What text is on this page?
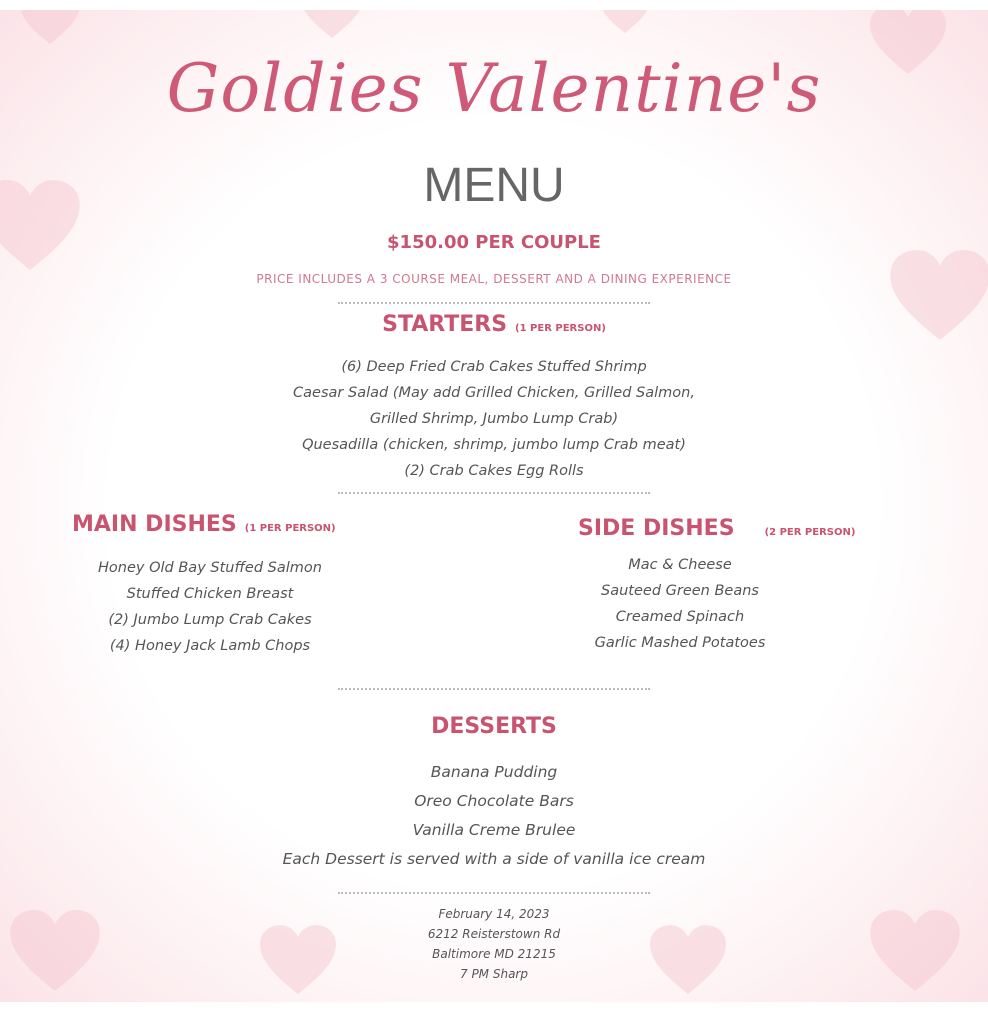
Goldies Valentine's
MENU
$150.00 PER COUPLE
PRICE INCLUDES A 3 COURSE MEAL, DESSERT AND A DINING EXPERIENCE
STARTERS (1 PER PERSON)
(6) Deep Fried Crab Cakes Stuffed Shrimp
Caesar Salad (May add Grilled Chicken, Grilled Salmon,
Grilled Shrimp, Jumbo Lump Crab)
Quesadilla (chicken, shrimp, jumbo lump Crab meat)
(2) Crab Cakes Egg Rolls
MAIN DISHES (1 PER PERSON)
Honey Old Bay Stuffed Salmon
Stuffed Chicken Breast
(2) Jumbo Lump Crab Cakes
(4) Honey Jack Lamb Chops
SIDE DISHES	(2 PER PERSON)
Mac & Cheese
Sauteed Green Beans
Creamed Spinach
Garlic Mashed Potatoes
DESSERTS
Banana Pudding
Oreo Chocolate Bars
Vanilla Creme Brulee
Each Dessert is served with a side of vanilla ice cream
February 14, 2023
6212 Reisterstown Rd
Baltimore MD 21215
7 PM Sharp
